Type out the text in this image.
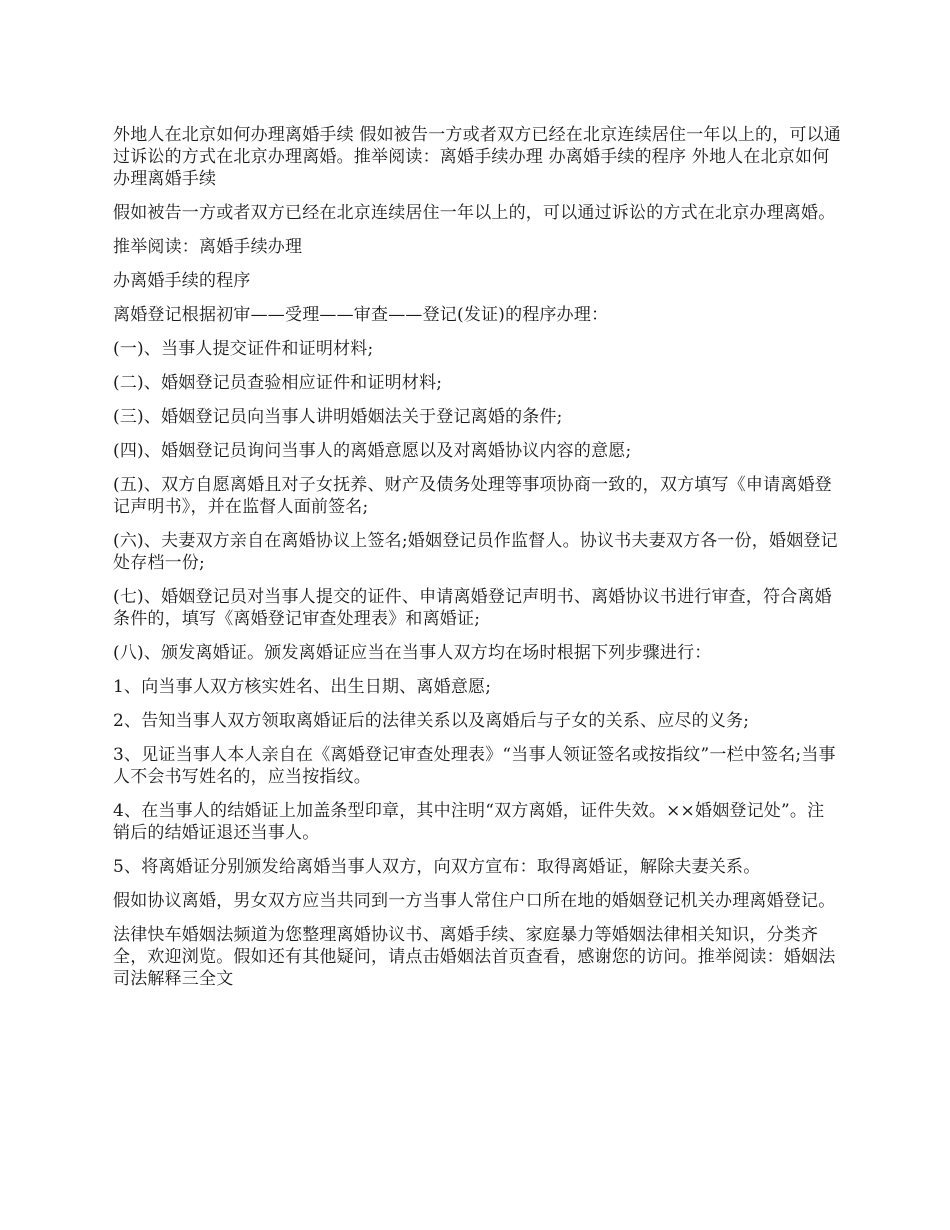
外地人在北京如何办理离婚手续 假如被告一方或者双方已经在北京连续居住一年以上的，可以通过诉讼的方式在北京办理离婚。推举阅读：离婚手续办理 办离婚手续的程序 外地人在北京如何办理离婚手续

假如被告一方或者双方已经在北京连续居住一年以上的，可以通过诉讼的方式在北京办理离婚。

推举阅读：离婚手续办理

办离婚手续的程序

离婚登记根据初审——受理——审查——登记(发证)的程序办理：

(一)、当事人提交证件和证明材料;

(二)、婚姻登记员查验相应证件和证明材料;

(三)、婚姻登记员向当事人讲明婚姻法关于登记离婚的条件;

(四)、婚姻登记员询问当事人的离婚意愿以及对离婚协议内容的意愿;

(五)、双方自愿离婚且对子女抚养、财产及债务处理等事项协商一致的，双方填写《申请离婚登记声明书》，并在监督人面前签名;

(六)、夫妻双方亲自在离婚协议上签名;婚姻登记员作监督人。协议书夫妻双方各一份，婚姻登记处存档一份;

(七)、婚姻登记员对当事人提交的证件、申请离婚登记声明书、离婚协议书进行审查，符合离婚条件的，填写《离婚登记审查处理表》和离婚证;

(八)、颁发离婚证。颁发离婚证应当在当事人双方均在场时根据下列步骤进行：

1、向当事人双方核实姓名、出生日期、离婚意愿;

2、告知当事人双方领取离婚证后的法律关系以及离婚后与子女的关系、应尽的义务;

3、见证当事人本人亲自在《离婚登记审查处理表》“当事人领证签名或按指纹”一栏中签名;当事人不会书写姓名的，应当按指纹。

4、在当事人的结婚证上加盖条型印章，其中注明“双方离婚，证件失效。××婚姻登记处”。注销后的结婚证退还当事人。

5、将离婚证分别颁发给离婚当事人双方，向双方宣布：取得离婚证，解除夫妻关系。

假如协议离婚，男女双方应当共同到一方当事人常住户口所在地的婚姻登记机关办理离婚登记。

法律快车婚姻法频道为您整理离婚协议书、离婚手续、家庭暴力等婚姻法律相关知识，分类齐全，欢迎浏览。假如还有其他疑问，请点击婚姻法首页查看，感谢您的访问。推举阅读：婚姻法司法解释三全文
